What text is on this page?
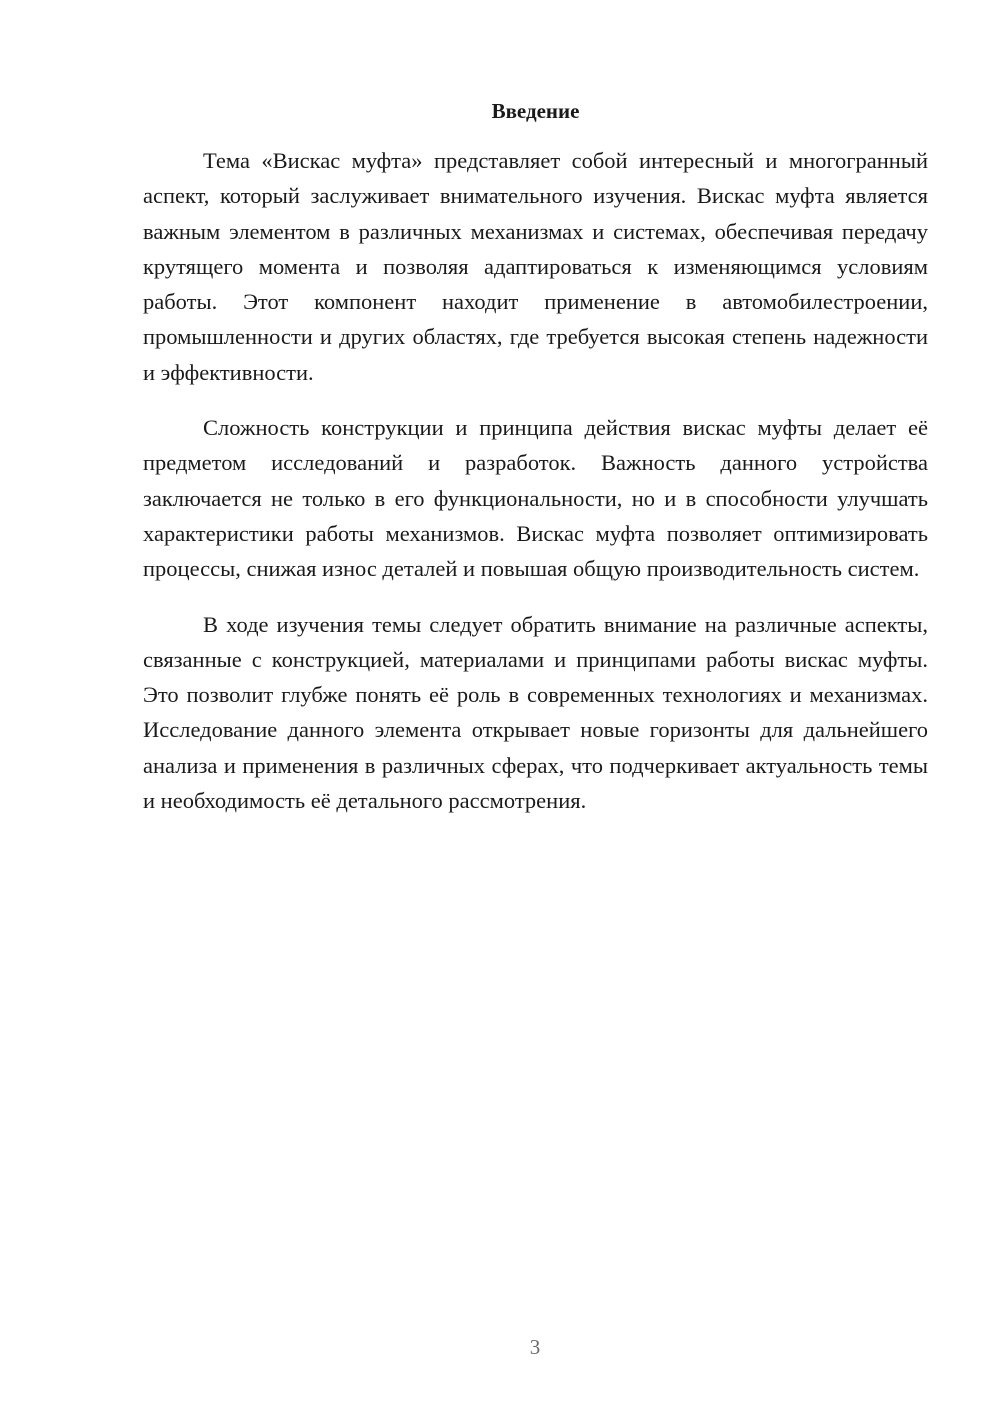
Введение

Тема «Вискас муфта» представляет собой интересный и многогранный аспект, который заслуживает внимательного изучения. Вискас муфта является важным элементом в различных механизмах и системах, обеспечивая передачу крутящего момента и позволяя адаптироваться к изменяющимся условиям работы. Этот компонент находит применение в автомобилестроении, промышленности и других областях, где требуется высокая степень надежности и эффективности.

Сложность конструкции и принципа действия вискас муфты делает её предметом исследований и разработок. Важность данного устройства заключается не только в его функциональности, но и в способности улучшать характеристики работы механизмов. Вискас муфта позволяет оптимизировать процессы, снижая износ деталей и повышая общую производительность систем.

В ходе изучения темы следует обратить внимание на различные аспекты, связанные с конструкцией, материалами и принципами работы вискас муфты. Это позволит глубже понять её роль в современных технологиях и механизмах. Исследование данного элемента открывает новые горизонты для дальнейшего анализа и применения в различных сферах, что подчеркивает актуальность темы и необходимость её детального рассмотрения.

3
